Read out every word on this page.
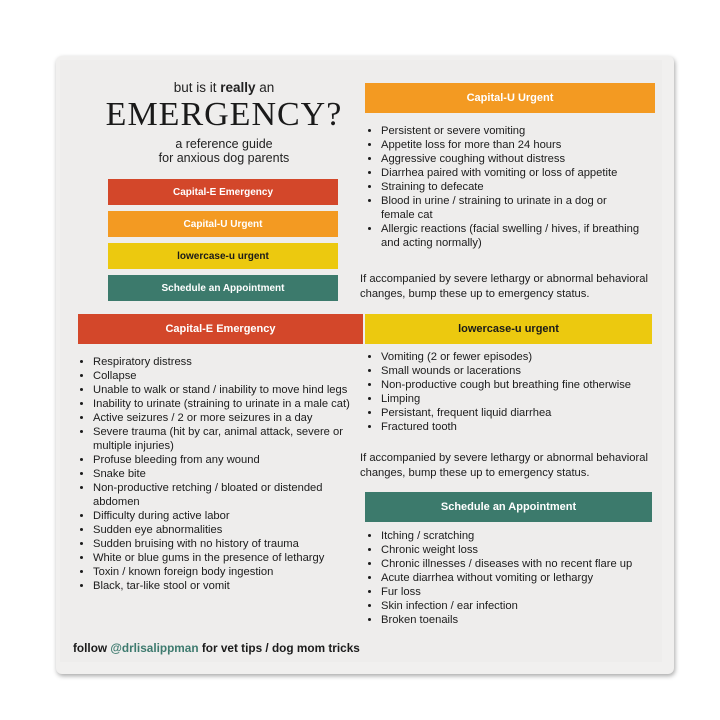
but is it really an
EMERGENCY?
a reference guide
for anxious dog parents
Capital-E Emergency
Capital-U Urgent
lowercase-u urgent
Schedule an Appointment
Capital-U Urgent
• Persistent or severe vomiting
• Appetite loss for more than 24 hours
• Aggressive coughing without distress
• Diarrhea paired with vomiting or loss of appetite
• Straining to defecate
• Blood in urine / straining to urinate in a dog or female cat
• Allergic reactions (facial swelling / hives, if breathing and acting normally)
If accompanied by severe lethargy or abnormal behavioral changes, bump these up to emergency status.
Capital-E Emergency
• Respiratory distress
• Collapse
• Unable to walk or stand / inability to move hind legs
• Inability to urinate (straining to urinate in a male cat)
• Active seizures / 2 or more seizures in a day
• Severe trauma (hit by car, animal attack, severe or multiple injuries)
• Profuse bleeding from any wound
• Snake bite
• Non-productive retching / bloated or distended abdomen
• Difficulty during active labor
• Sudden eye abnormalities
• Sudden bruising with no history of trauma
• White or blue gums in the presence of lethargy
• Toxin / known foreign body ingestion
• Black, tar-like stool or vomit
lowercase-u urgent
• Vomiting (2 or fewer episodes)
• Small wounds or lacerations
• Non-productive cough but breathing fine otherwise
• Limping
• Persistant, frequent liquid diarrhea
• Fractured tooth
If accompanied by severe lethargy or abnormal behavioral changes, bump these up to emergency status.
Schedule an Appointment
• Itching / scratching
• Chronic weight loss
• Chronic illnesses / diseases with no recent flare up
• Acute diarrhea without vomiting or lethargy
• Fur loss
• Skin infection / ear infection
• Broken toenails
follow @drlisalippman for vet tips / dog mom tricks
